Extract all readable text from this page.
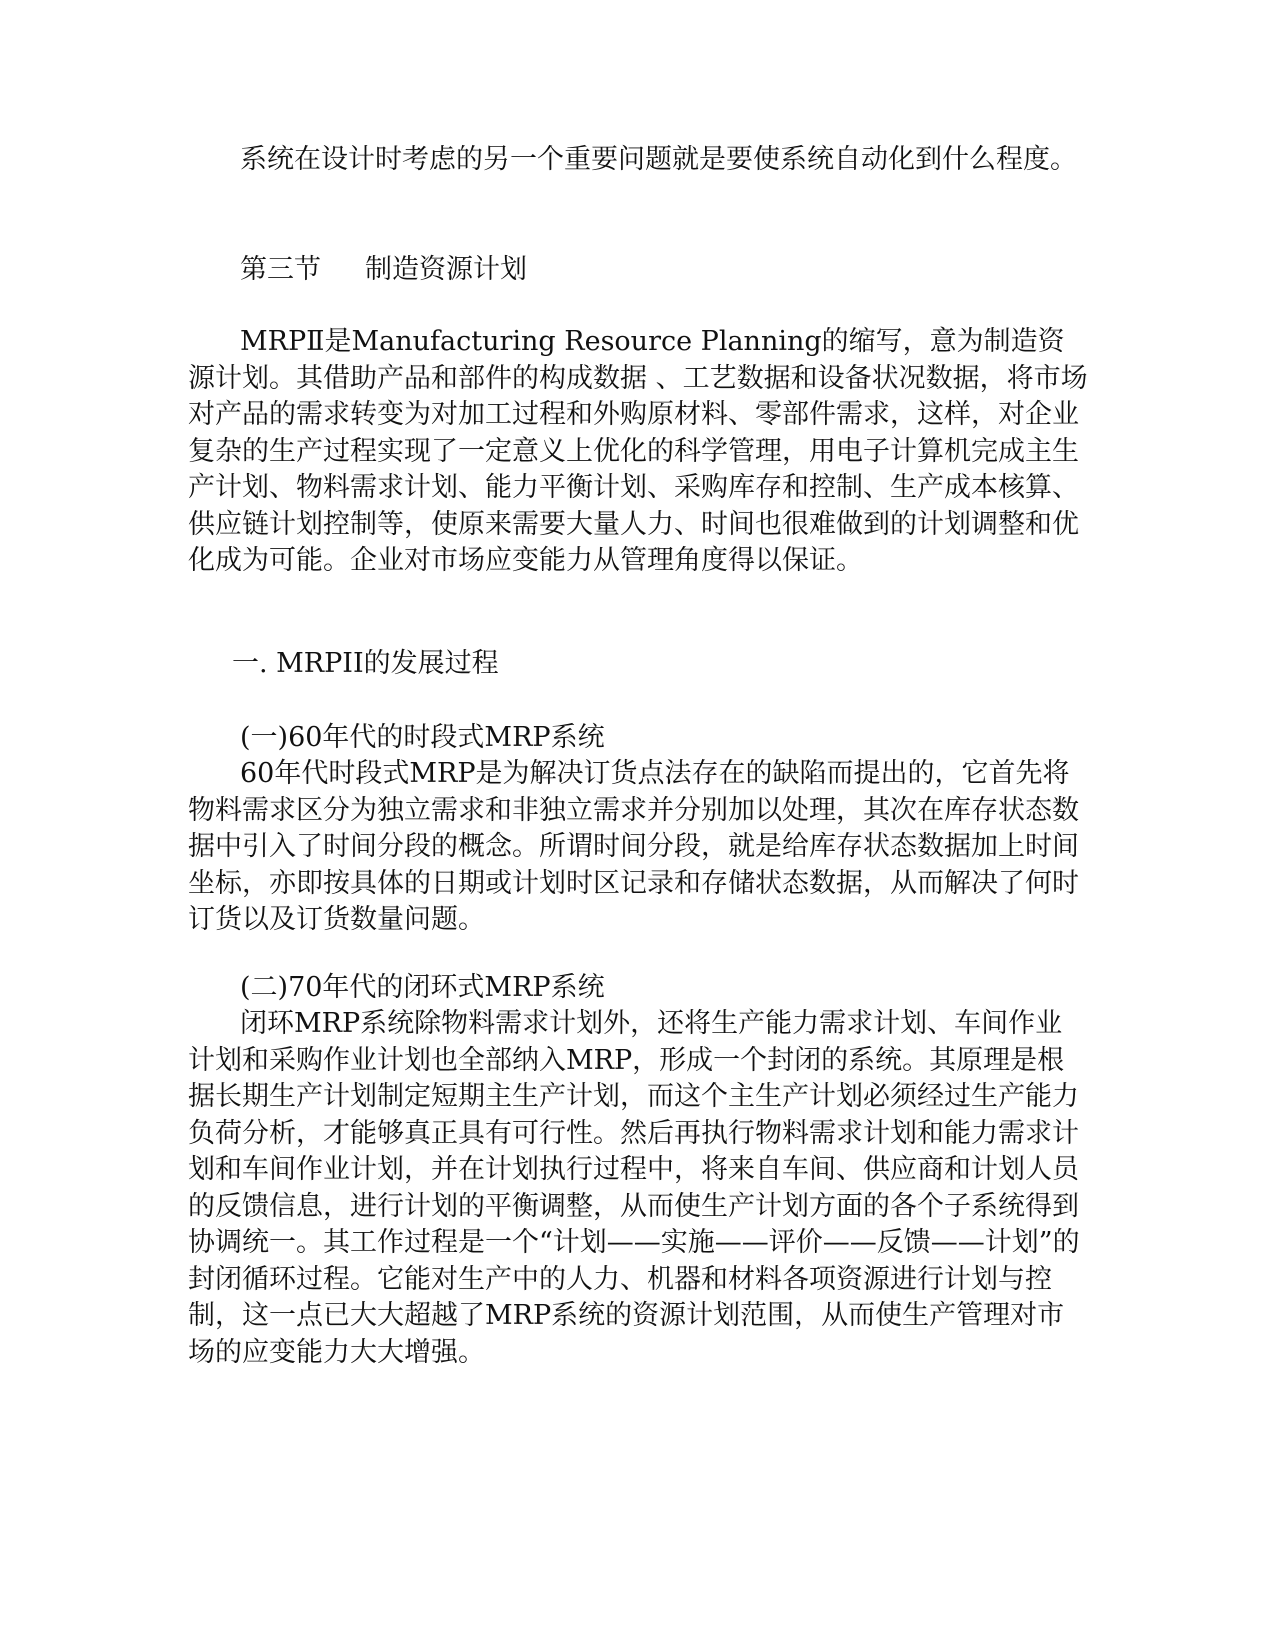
系统在设计时考虑的另一个重要问题就是要使系统自动化到什么程度。

第三节 制造资源计划

MRPⅡ是Manufacturing Resource Planning的缩写，意为制造资源计划。其借助产品和部件的构成数据 、工艺数据和设备状况数据，将市场对产品的需求转变为对加工过程和外购原材料、零部件需求，这样，对企业复杂的生产过程实现了一定意义上优化的科学管理，用电子计算机完成主生产计划、物料需求计划、能力平衡计划、采购库存和控制、生产成本核算、供应链计划控制等，使原来需要大量人力、时间也很难做到的计划调整和优化成为可能。企业对市场应变能力从管理角度得以保证。

一. MRPII的发展过程
(一)60年代的时段式MRP系统

60年代时段式MRP是为解决订货点法存在的缺陷而提出的，它首先将物料需求区分为独立需求和非独立需求并分别加以处理，其次在库存状态数据中引入了时间分段的概念。所谓时间分段，就是给库存状态数据加上时间坐标，亦即按具体的日期或计划时区记录和存储状态数据，从而解决了何时订货以及订货数量问题。

(二)70年代的闭环式MRP系统

闭环MRP系统除物料需求计划外，还将生产能力需求计划、车间作业计划和采购作业计划也全部纳入MRP，形成一个封闭的系统。其原理是根据长期生产计划制定短期主生产计划，而这个主生产计划必须经过生产能力负荷分析，才能够真正具有可行性。然后再执行物料需求计划和能力需求计划和车间作业计划，并在计划执行过程中，将来自车间、供应商和计划人员的反馈信息，进行计划的平衡调整，从而使生产计划方面的各个子系统得到协调统一。其工作过程是一个“计划——实施——评价——反馈——计划”的封闭循环过程。它能对生产中的人力、机器和材料各项资源进行计划与控制，这一点已大大超越了MRP系统的资源计划范围，从而使生产管理对市场的应变能力大大增强。
